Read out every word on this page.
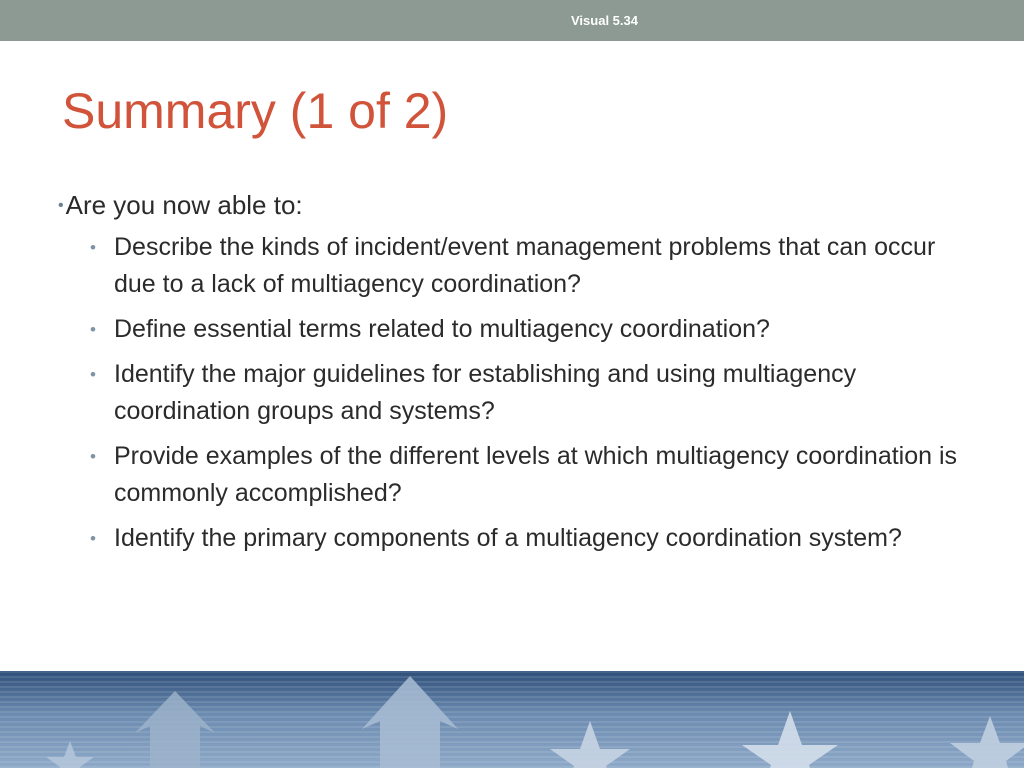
Visual 5.34
Summary (1 of 2)
•Are you now able to:
• Describe the kinds of incident/event management problems that can occur due to a lack of multiagency coordination?
• Define essential terms related to multiagency coordination?
• Identify the major guidelines for establishing and using multiagency coordination groups and systems?
• Provide examples of the different levels at which multiagency coordination is commonly accomplished?
• Identify the primary components of a multiagency coordination system?
